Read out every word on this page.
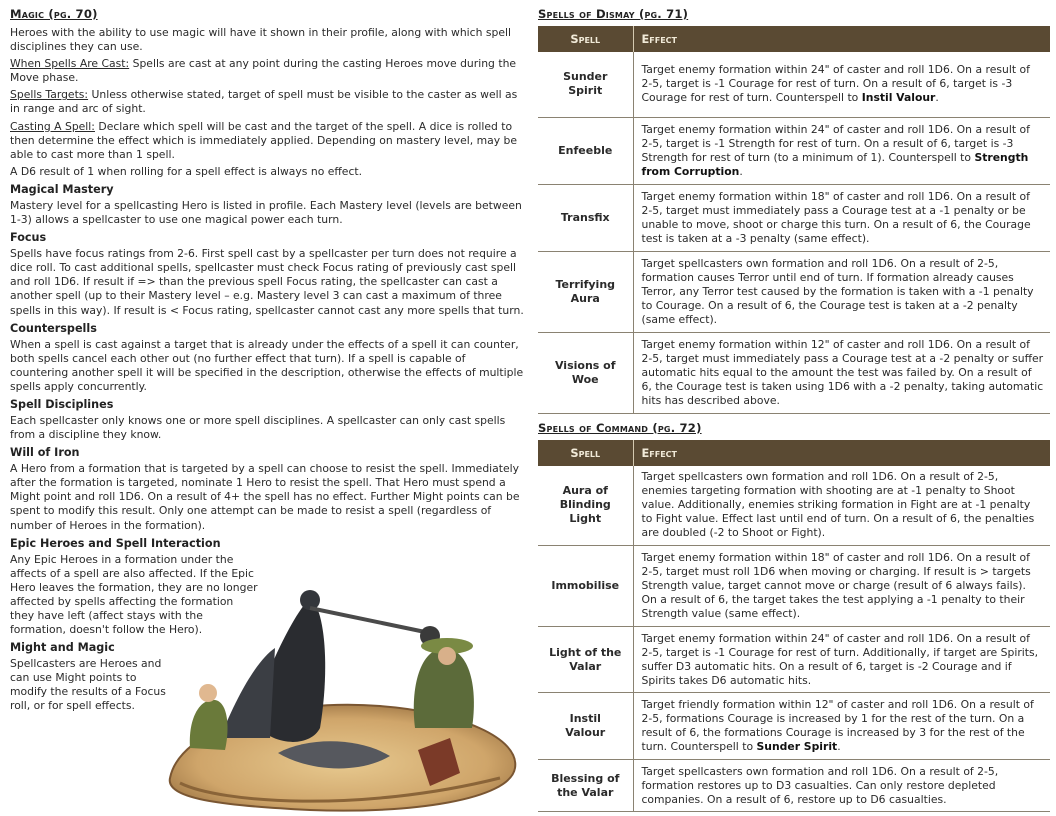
Magic (pg. 70)

Heroes with the ability to use magic will have it shown in their profile, along with which spell disciplines they can use.

When Spells Are Cast: Spells are cast at any point during the casting Heroes move during the Move phase.

Spells Targets: Unless otherwise stated, target of spell must be visible to the caster as well as in range and arc of sight.

Casting A Spell: Declare which spell will be cast and the target of the spell. A dice is rolled to then determine the effect which is immediately applied. Depending on mastery level, may be able to cast more than 1 spell.

A D6 result of 1 when rolling for a spell effect is always no effect.

Magical Mastery

Mastery level for a spellcasting Hero is listed in profile. Each Mastery level (levels are between 1-3) allows a spellcaster to use one magical power each turn.

Focus

Spells have focus ratings from 2-6. First spell cast by a spellcaster per turn does not require a dice roll. To cast additional spells, spellcaster must check Focus rating of previously cast spell and roll 1D6. If result if => than the previous spell Focus rating, the spellcaster can cast a another spell (up to their Mastery level – e.g. Mastery level 3 can cast a maximum of three spells in this way). If result is < Focus rating, spellcaster cannot cast any more spells that turn.

Counterspells

When a spell is cast against a target that is already under the effects of a spell it can counter, both spells cancel each other out (no further effect that turn). If a spell is capable of countering another spell it will be specified in the description, otherwise the effects of multiple spells apply concurrently.

Spell Disciplines

Each spellcaster only knows one or more spell disciplines. A spellcaster can only cast spells from a discipline they know.

Will of Iron

A Hero from a formation that is targeted by a spell can choose to resist the spell. Immediately after the formation is targeted, nominate 1 Hero to resist the spell. That Hero must spend a Might point and roll 1D6. On a result of 4+ the spell has no effect. Further Might points can be spent to modify this result. Only one attempt can be made to resist a spell (regardless of number of Heroes in the formation).

Epic Heroes and Spell Interaction

Any Epic Heroes in a formation under the affects of a spell are also affected. If the Epic Hero leaves the formation, they are no longer affected by spells affecting the formation they have left (affect stays with the formation, doesn't follow the Hero).

Might and Magic

Spellcasters are Heroes and can use Might points to modify the results of a Focus roll, or for spell effects.

Spells of Dismay (pg. 71)
Spell	Effect
Sunder Spirit	Target enemy formation within 24" of caster and roll 1D6. On a result of 2-5, target is -1 Courage for rest of turn. On a result of 6, target is -3 Courage for rest of turn. Counterspell to Instil Valour.
Enfeeble	Target enemy formation within 24" of caster and roll 1D6. On a result of 2-5, target is -1 Strength for rest of turn. On a result of 6, target is -3 Strength for rest of turn (to a minimum of 1). Counterspell to Strength from Corruption.
Transfix	Target enemy formation within 18" of caster and roll 1D6. On a result of 2-5, target must immediately pass a Courage test at a -1 penalty or be unable to move, shoot or charge this turn. On a result of 6, the Courage test is taken at a -3 penalty (same effect).
Terrifying Aura	Target spellcasters own formation and roll 1D6. On a result of 2-5, formation causes Terror until end of turn. If formation already causes Terror, any Terror test caused by the formation is taken with a -1 penalty to Courage. On a result of 6, the Courage test is taken at a -2 penalty (same effect).
Visions of Woe	Target enemy formation within 12" of caster and roll 1D6. On a result of 2-5, target must immediately pass a Courage test at a -2 penalty or suffer automatic hits equal to the amount the test was failed by. On a result of 6, the Courage test is taken using 1D6 with a -2 penalty, taking automatic hits has described above.
Spells of Command (pg. 72)
Spell	Effect
Aura of Blinding Light	Target spellcasters own formation and roll 1D6. On a result of 2-5, enemies targeting formation with shooting are at -1 penalty to Shoot value. Additionally, enemies striking formation in Fight are at -1 penalty to Fight value. Effect last until end of turn. On a result of 6, the penalties are doubled (-2 to Shoot or Fight).
Immobilise	Target enemy formation within 18" of caster and roll 1D6. On a result of 2-5, target must roll 1D6 when moving or charging. If result is > targets Strength value, target cannot move or charge (result of 6 always fails). On a result of 6, the target takes the test applying a -1 penalty to their Strength value (same effect).
Light of the Valar	Target enemy formation within 24" of caster and roll 1D6. On a result of 2-5, target is -1 Courage for rest of turn. Additionally, if target are Spirits, suffer D3 automatic hits. On a result of 6, target is -2 Courage and if Spirits takes D6 automatic hits.
Instil Valour	Target friendly formation within 12" of caster and roll 1D6. On a result of 2-5, formations Courage is increased by 1 for the rest of the turn. On a result of 6, the formations Courage is increased by 3 for the rest of the turn. Counterspell to Sunder Spirit.
Blessing of the Valar	Target spellcasters own formation and roll 1D6. On a result of 2-5, formation restores up to D3 casualties. Can only restore depleted companies. On a result of 6, restore up to D6 casualties.
